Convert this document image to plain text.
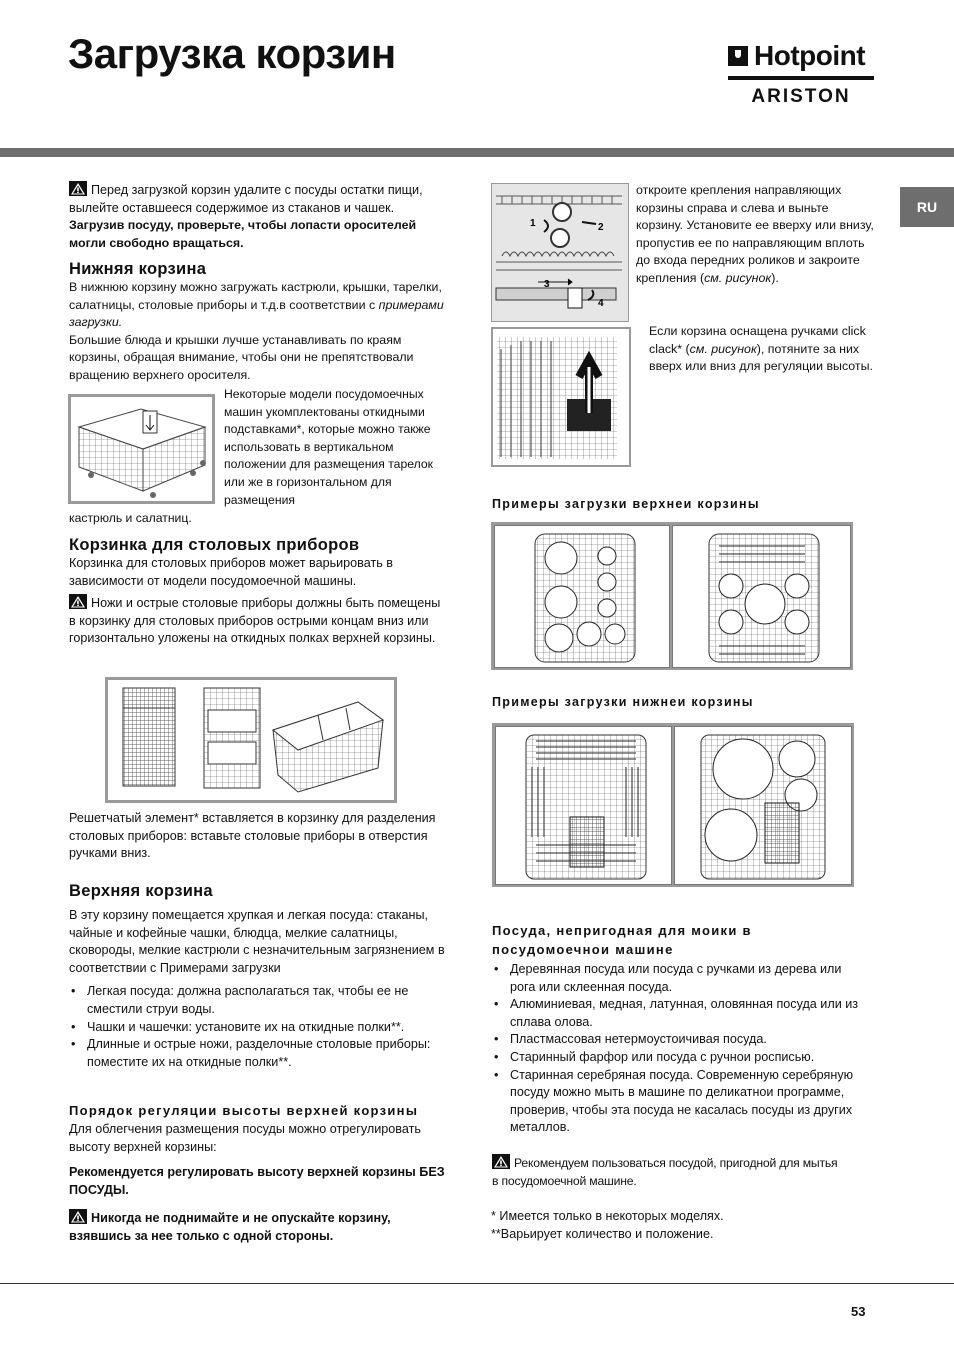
Загрузка корзин	Hotpoint
ARISTON
RU

Перед загрузкой корзин удалите с посуды остатки пищи, вылейте оставшееся содержимое из стаканов и чашек.

Загрузив посуду, проверьте, чтобы лопасти оросителей могли свободно вращаться.

Нижняя корзина

В нижнюю корзину можно загружать кастрюли, крышки, тарелки, салатницы, столовые приборы и т.д.в соответствии с примерами загрузки.

Большие блюда и крышки лучше устанавливать по краям корзины, обращая внимание, чтобы они не препятствовали вращению верхнего оросителя.

Некоторые модели посудомоечных машин укомплектованы откидными подставками*, которые можно также использовать в вертикальном положении для размещения тарелок или же в горизонтальном для размещения

кастрюль и салатниц.

Корзинка для столовых приборов

Корзинка для столовых приборов может варьировать в зависимости от модели посудомоечной машины.

Ножи и острые столовые приборы должны быть помещены в корзинку для столовых приборов острыми концам вниз или горизонтально уложены на откидных полках верхней корзины.

Решетчатый элемент* вставляется в корзинку для разделения столовых приборов: вставьте столовые приборы в отверстия ручками вниз.

Верхняя корзина

В эту корзину помещается хрупкая и легкая посуда: стаканы, чайные и кофейные чашки, блюдца, мелкие салатницы, сковороды, мелкие кастрюли с незначительным загрязнением в соответствии с Примерами загрузки

• Легкая посуда: должна располагаться так, чтобы ее не сместили струи воды.
• Чашки и чашечки: установите их на откидные полки**.
• Длинные и острые ножи, разделочные столовые приборы: поместите их на откидные полки**.
Порядок регуляции высоты верхней корзины

Для облегчения размещения посуды можно отрегулировать высоту верхней корзины:

Рекомендуется регулировать высоту верхней корзины БЕЗ ПОСУДЫ.

Никогда не поднимайте и не опускайте корзину, взявшись за нее только с одной стороны.

1	2
3
4

откроите крепления направляющих корзины справа и слева и выньте корзину. Установите ее вверху или внизу, пропустив ее по направляющим вплоть до входа передних роликов и закроите крепления (см. рисунок).

Если корзина оснащена ручками click clack* (см. рисунок), потяните за них вверх или вниз для регуляции высоты.

Примеры загрузки верхнеи корзины
Примеры загрузки нижнеи корзины
Посуда, непригодная для моики в посудомоечнои машине
• Деревянная посуда или посуда с ручками из дерева или рога или склеенная посуда.
• Алюминиевая, медная, латунная, оловянная посуда или из сплава олова.
• Пластмассовая нетермоустоичивая посуда.
• Старинный фарфор или посуда с ручнои росписью.
• Старинная серебряная посуда. Современную серебряную посуду можно мыть в машине по деликатнои программе, проверив, чтобы эта посуда не касалась посуды из других металлов.

Рекомендуем пользоваться посудой, пригодной для мытья в посудомоечной машине.

* Имеется только в некоторых моделях.

**Варьирует количество и положение.

53
